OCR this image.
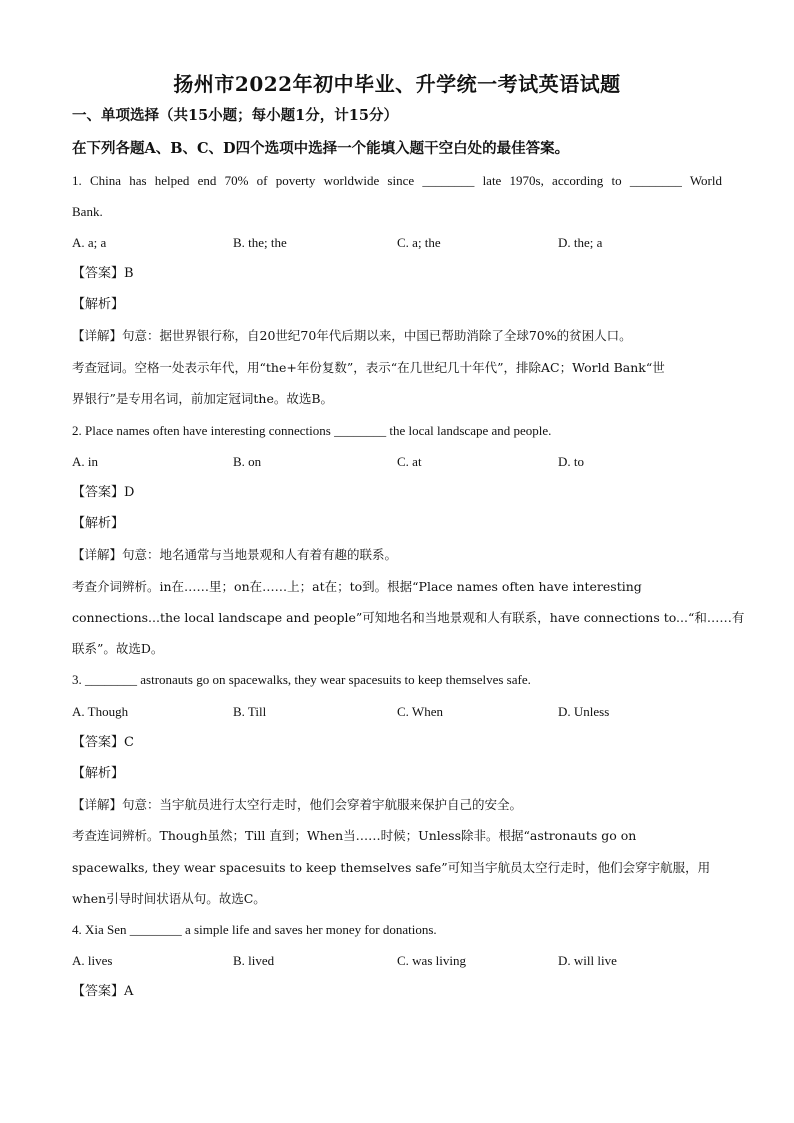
扬州市2022年初中毕业、升学统一考试英语试题
一、单项选择（共15小题；每小题1分，计15分）
在下列各题A、B、C、D四个选项中选择一个能填入题干空白处的最佳答案。
1. China has helped end 70% of poverty worldwide since ________ late 1970s, according to ________ World
Bank.
A. a; a	B. the; the	C. a; the	D. the; a
【答案】B
【解析】
【详解】句意：据世界银行称，自20世纪70年代后期以来，中国已帮助消除了全球70%的贫困人口。
考查冠词。空格一处表示年代，用“the+年份复数”，表示“在几世纪几十年代”，排除AC；World Bank“世
界银行”是专用名词，前加定冠词the。故选B。
2. Place names often have interesting connections ________ the local landscape and people.
A. in	B. on	C. at	D. to
【答案】D
【解析】
【详解】句意：地名通常与当地景观和人有着有趣的联系。
考查介词辨析。in在……里；on在……上；at在；to到。根据“Place names often have interesting
connections...the local landscape and people”可知地名和当地景观和人有联系，have connections to...“和……有
联系”。故选D。
3. ________ astronauts go on spacewalks, they wear spacesuits to keep themselves safe.
A. Though	B. Till	C. When	D. Unless
【答案】C
【解析】
【详解】句意：当宇航员进行太空行走时，他们会穿着宇航服来保护自己的安全。
考查连词辨析。Though虽然；Till 直到；When当……时候；Unless除非。根据“astronauts go on
spacewalks, they wear spacesuits to keep themselves safe”可知当宇航员太空行走时，他们会穿宇航服，用
when引导时间状语从句。故选C。
4. Xia Sen ________ a simple life and saves her money for donations.
A. lives	B. lived	C. was living	D. will live
【答案】A
